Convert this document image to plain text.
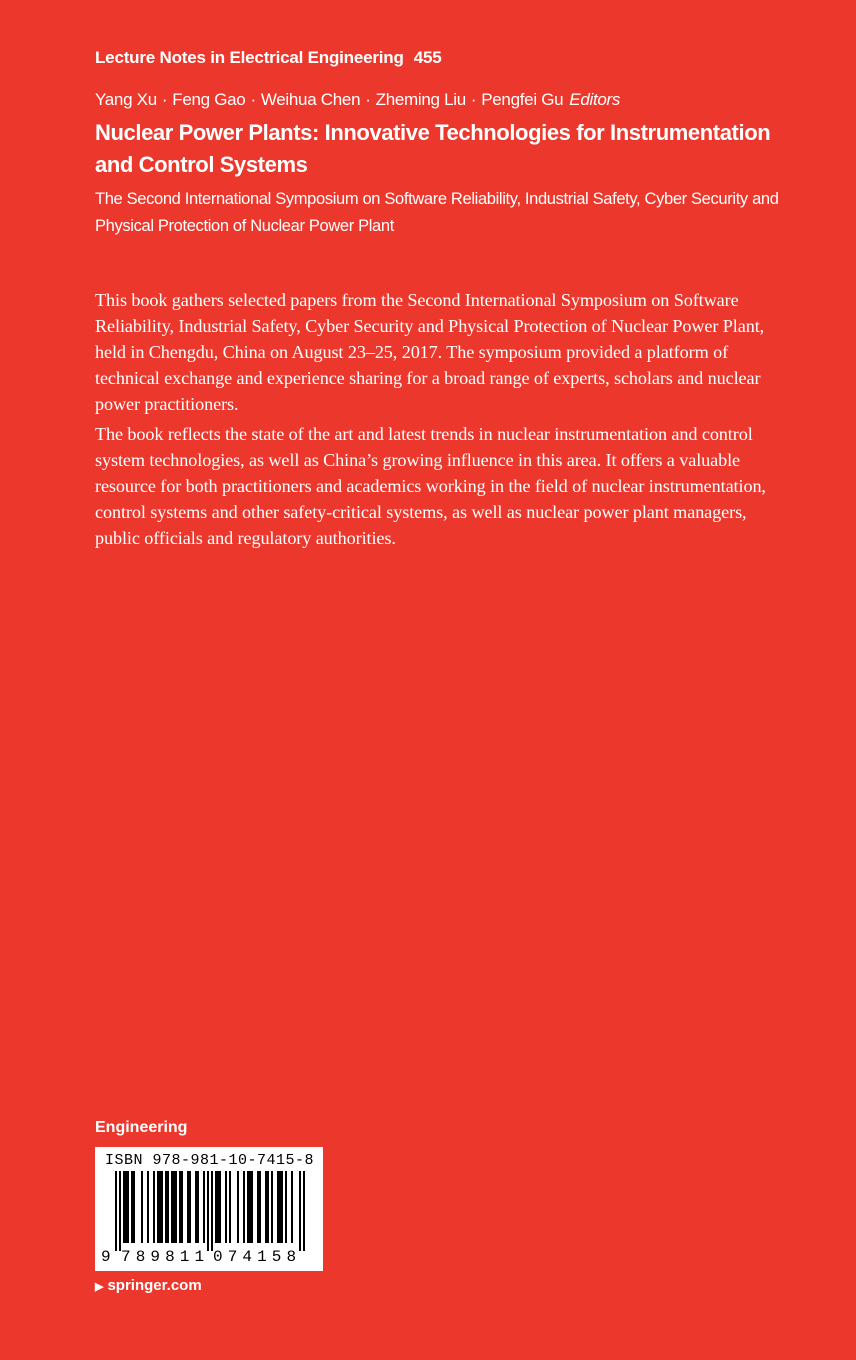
Lecture Notes in Electrical Engineering 455
Yang Xu · Feng Gao · Weihua Chen · Zheming Liu · Pengfei Gu Editors
Nuclear Power Plants: Innovative Technologies for Instrumentation and Control Systems
The Second International Symposium on Software Reliability, Industrial Safety, Cyber Security and Physical Protection of Nuclear Power Plant

This book gathers selected papers from the Second International Symposium on Software Reliability, Industrial Safety, Cyber Security and Physical Protection of Nuclear Power Plant, held in Chengdu, China on August 23–25, 2017. The symposium provided a platform of technical exchange and experience sharing for a broad range of experts, scholars and nuclear power practitioners.

The book reflects the state of the art and latest trends in nuclear instrumentation and control system technologies, as well as China’s growing influence in this area. It offers a valuable resource for both practitioners and academics working in the field of nuclear instrumentation, control systems and other safety-critical systems, as well as nuclear power plant managers, public officials and regulatory authorities.

Engineering
ISBN 978-981-10-7415-8
9 789811 074158
▶ springer.com
